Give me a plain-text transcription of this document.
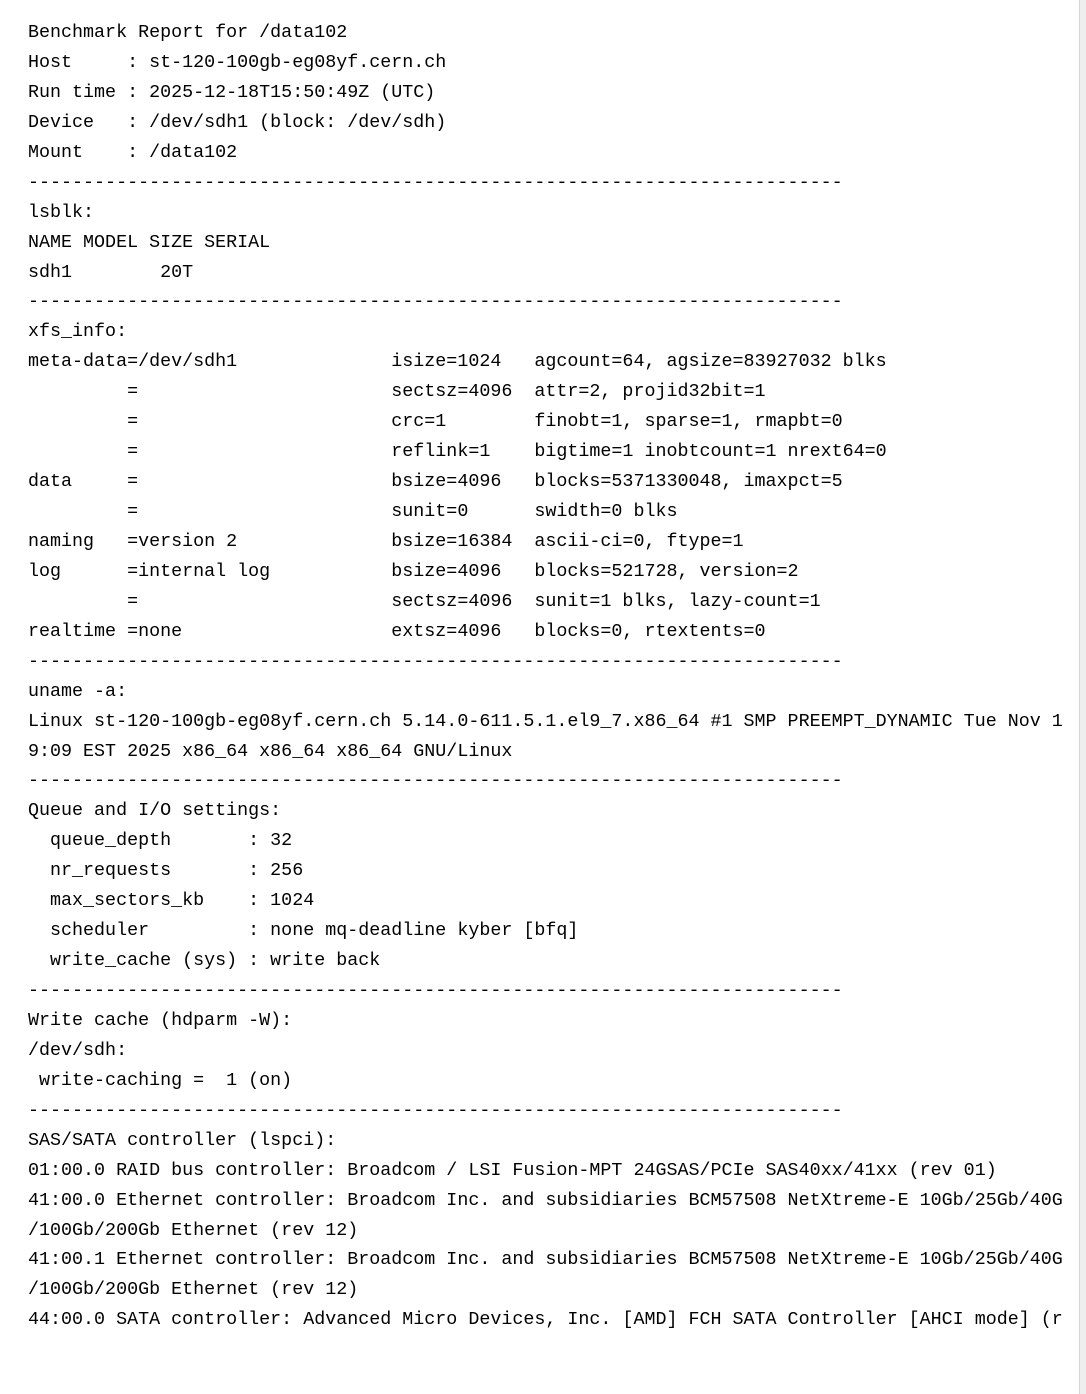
Benchmark Report for /data102
Host     : st-120-100gb-eg08yf.cern.ch
Run time : 2025-12-18T15:50:49Z (UTC)
Device   : /dev/sdh1 (block: /dev/sdh)
Mount    : /data102
--------------------------------------------------------------------------
lsblk:
NAME MODEL SIZE SERIAL
sdh1        20T
--------------------------------------------------------------------------
xfs_info:
meta-data=/dev/sdh1              isize=1024   agcount=64, agsize=83927032 blks
=                       sectsz=4096  attr=2, projid32bit=1
=                       crc=1        finobt=1, sparse=1, rmapbt=0
=                       reflink=1    bigtime=1 inobtcount=1 nrext64=0
data     =                       bsize=4096   blocks=5371330048, imaxpct=5
=                       sunit=0      swidth=0 blks
naming   =version 2              bsize=16384  ascii-ci=0, ftype=1
log      =internal log           bsize=4096   blocks=521728, version=2
=                       sectsz=4096  sunit=1 blks, lazy-count=1
realtime =none                   extsz=4096   blocks=0, rtextents=0
--------------------------------------------------------------------------
uname -a:
Linux st-120-100gb-eg08yf.cern.ch 5.14.0-611.5.1.el9_7.x86_64 #1 SMP PREEMPT_DYNAMIC Tue Nov 1
9:09 EST 2025 x86_64 x86_64 x86_64 GNU/Linux
--------------------------------------------------------------------------
Queue and I/O settings:
queue_depth       : 32
nr_requests       : 256
max_sectors_kb    : 1024
scheduler         : none mq-deadline kyber [bfq]
write_cache (sys) : write back
--------------------------------------------------------------------------
Write cache (hdparm -W):
/dev/sdh:
write-caching =  1 (on)
--------------------------------------------------------------------------
SAS/SATA controller (lspci):
01:00.0 RAID bus controller: Broadcom / LSI Fusion-MPT 24GSAS/PCIe SAS40xx/41xx (rev 01)
41:00.0 Ethernet controller: Broadcom Inc. and subsidiaries BCM57508 NetXtreme-E 10Gb/25Gb/40G
/100Gb/200Gb Ethernet (rev 12)
41:00.1 Ethernet controller: Broadcom Inc. and subsidiaries BCM57508 NetXtreme-E 10Gb/25Gb/40G
/100Gb/200Gb Ethernet (rev 12)
44:00.0 SATA controller: Advanced Micro Devices, Inc. [AMD] FCH SATA Controller [AHCI mode] (r
